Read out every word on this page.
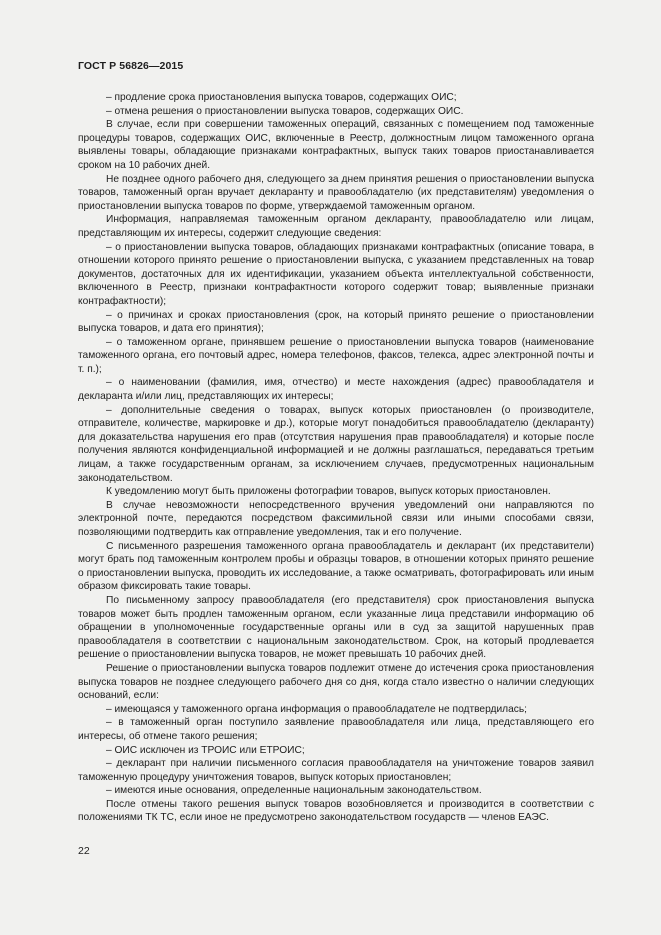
ГОСТ Р 56826—2015

– продление срока приостановления выпуска товаров, содержащих ОИС;

– отмена решения о приостановлении выпуска товаров, содержащих ОИС.

В случае, если при совершении таможенных операций, связанных с помещением под таможенные процедуры товаров, содержащих ОИС, включенные в Реестр, должностным лицом таможенного органа выявлены товары, обладающие признаками контрафактных, выпуск таких товаров приостанавливается сроком на 10 рабочих дней.

Не позднее одного рабочего дня, следующего за днем принятия решения о приостановлении выпуска товаров, таможенный орган вручает декларанту и правообладателю (их представителям) уведомления о приостановлении выпуска товаров по форме, утверждаемой таможенным органом.

Информация, направляемая таможенным органом декларанту, правообладателю или лицам, представляющим их интересы, содержит следующие сведения:

– о приостановлении выпуска товаров, обладающих признаками контрафактных (описание товара, в отношении которого принято решение о приостановлении выпуска, с указанием представленных на товар документов, достаточных для их идентификации, указанием объекта интеллектуальной собственности, включенного в Реестр, признаки контрафактности которого содержит товар; выявленные признаки контрафактности);

– о причинах и сроках приостановления (срок, на который принято решение о приостановлении выпуска товаров, и дата его принятия);

– о таможенном органе, принявшем решение о приостановлении выпуска товаров (наименование таможенного органа, его почтовый адрес, номера телефонов, факсов, телекса, адрес электронной почты и т. п.);

– о наименовании (фамилия, имя, отчество) и месте нахождения (адрес) правообладателя и декларанта и/или лиц, представляющих их интересы;

– дополнительные сведения о товарах, выпуск которых приостановлен (о производителе, отправителе, количестве, маркировке и др.), которые могут понадобиться правообладателю (декларанту) для доказательства нарушения его прав (отсутствия нарушения прав правообладателя) и которые после получения являются конфиденциальной информацией и не должны разглашаться, передаваться третьим лицам, а также государственным органам, за исключением случаев, предусмотренных национальным законодательством.

К уведомлению могут быть приложены фотографии товаров, выпуск которых приостановлен.

В случае невозможности непосредственного вручения уведомлений они направляются по электронной почте, передаются посредством факсимильной связи или иными способами связи, позволяющими подтвердить как отправление уведомления, так и его получение.

С письменного разрешения таможенного органа правообладатель и декларант (их представители) могут брать под таможенным контролем пробы и образцы товаров, в отношении которых принято решение о приостановлении выпуска, проводить их исследование, а также осматривать, фотографировать или иным образом фиксировать такие товары.

По письменному запросу правообладателя (его представителя) срок приостановления выпуска товаров может быть продлен таможенным органом, если указанные лица представили информацию об обращении в уполномоченные государственные органы или в суд за защитой нарушенных прав правообладателя в соответствии с национальным законодательством. Срок, на который продлевается решение о приостановлении выпуска товаров, не может превышать 10 рабочих дней.

Решение о приостановлении выпуска товаров подлежит отмене до истечения срока приостановления выпуска товаров не позднее следующего рабочего дня со дня, когда стало известно о наличии следующих оснований, если:

– имеющаяся у таможенного органа информация о правообладателе не подтвердилась;

– в таможенный орган поступило заявление правообладателя или лица, представляющего его интересы, об отмене такого решения;

– ОИС исключен из ТРОИС или ЕТРОИС;

– декларант при наличии письменного согласия правообладателя на уничтожение товаров заявил таможенную процедуру уничтожения товаров, выпуск которых приостановлен;

– имеются иные основания, определенные национальным законодательством.

После отмены такого решения выпуск товаров возобновляется и производится в соответствии с положениями ТК ТС, если иное не предусмотрено законодательством государств — членов ЕАЭС.

22
